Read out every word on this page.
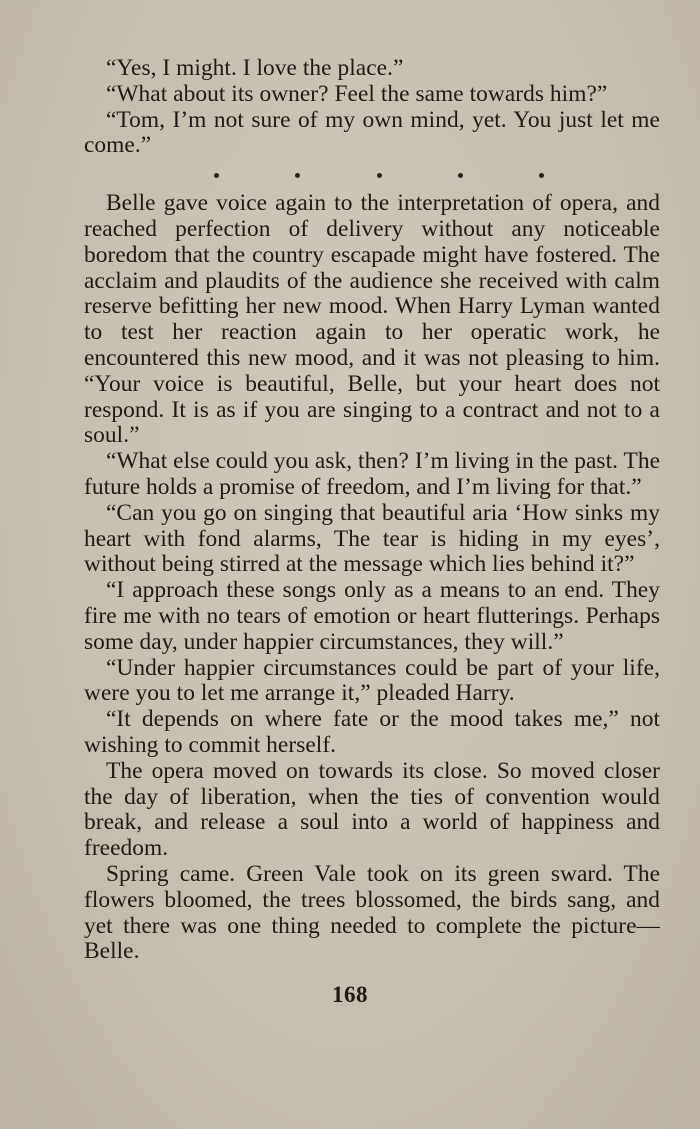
“Yes, I might. I love the place.”

“What about its owner? Feel the same towards him?”

“Tom, I’m not sure of my own mind, yet. You just let me come.”

Belle gave voice again to the interpretation of opera, and reached perfection of delivery without any noticeable boredom that the country escapade might have fostered. The acclaim and plaudits of the audience she received with calm reserve befitting her new mood. When Harry Lyman wanted to test her reaction again to her operatic work, he encountered this new mood, and it was not pleasing to him. “Your voice is beautiful, Belle, but your heart does not respond. It is as if you are singing to a contract and not to a soul.”

“What else could you ask, then? I’m living in the past. The future holds a promise of freedom, and I’m living for that.”

“Can you go on singing that beautiful aria ‘How sinks my heart with fond alarms, The tear is hiding in my eyes’, without being stirred at the message which lies behind it?”

“I approach these songs only as a means to an end. They fire me with no tears of emotion or heart flutterings. Perhaps some day, under happier circumstances, they will.”

“Under happier circumstances could be part of your life, were you to let me arrange it,” pleaded Harry.

“It depends on where fate or the mood takes me,” not wishing to commit herself.

The opera moved on towards its close. So moved closer the day of liberation, when the ties of convention would break, and release a soul into a world of happiness and freedom.

Spring came. Green Vale took on its green sward. The flowers bloomed, the trees blossomed, the birds sang, and yet there was one thing needed to complete the picture—Belle.

168
